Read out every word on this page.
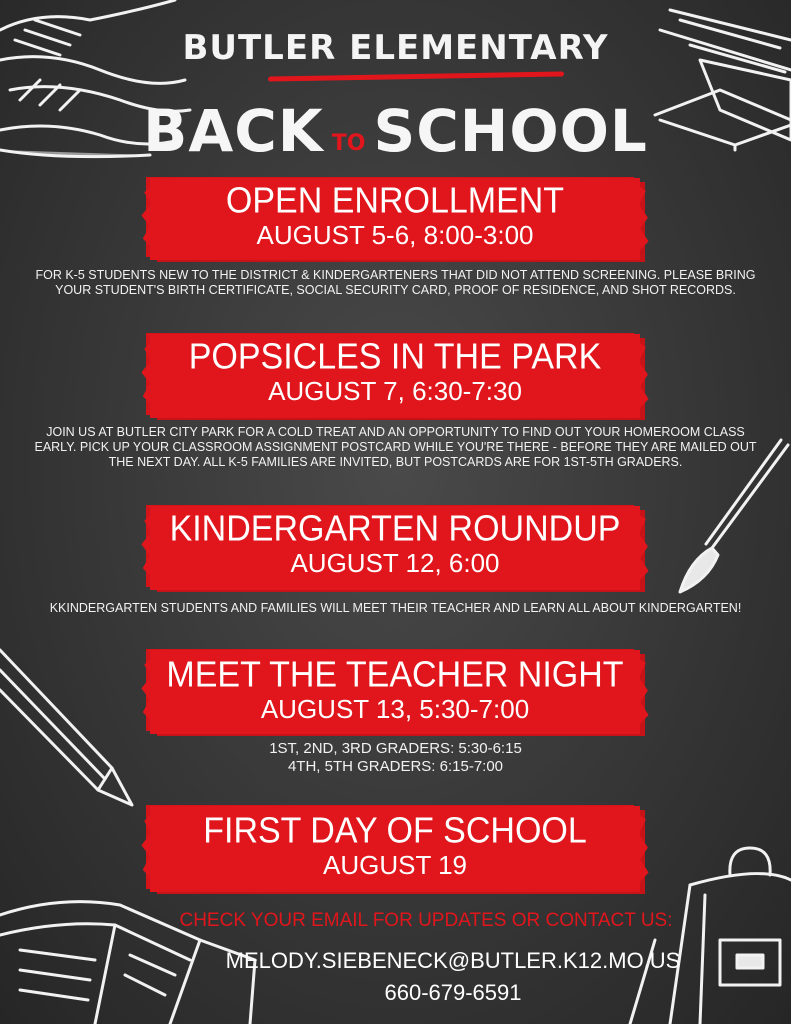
BUTLER ELEMENTARY
BACK TO SCHOOL
OPEN ENROLLMENT
AUGUST 5-6, 8:00-3:00
FOR K-5 STUDENTS NEW TO THE DISTRICT & KINDERGARTENERS THAT DID NOT ATTEND SCREENING. PLEASE BRING YOUR STUDENT'S BIRTH CERTIFICATE, SOCIAL SECURITY CARD, PROOF OF RESIDENCE, AND SHOT RECORDS.
POPSICLES IN THE PARK
AUGUST 7, 6:30-7:30
JOIN US AT BUTLER CITY PARK FOR A COLD TREAT AND AN OPPORTUNITY TO FIND OUT YOUR HOMEROOM CLASS EARLY. PICK UP YOUR CLASSROOM ASSIGNMENT POSTCARD WHILE YOU'RE THERE - BEFORE THEY ARE MAILED OUT THE NEXT DAY. ALL K-5 FAMILIES ARE INVITED, BUT POSTCARDS ARE FOR 1ST-5TH GRADERS.
KINDERGARTEN ROUNDUP
AUGUST 12, 6:00
KKINDERGARTEN STUDENTS AND FAMILIES WILL MEET THEIR TEACHER AND LEARN ALL ABOUT KINDERGARTEN!
MEET THE TEACHER NIGHT
AUGUST 13, 5:30-7:00
1ST, 2ND, 3RD GRADERS: 5:30-6:15
4TH, 5TH GRADERS: 6:15-7:00
FIRST DAY OF SCHOOL
AUGUST 19
CHECK YOUR EMAIL FOR UPDATES OR CONTACT US:
MELODY.SIEBENECK@BUTLER.K12.MO.US
660-679-6591
